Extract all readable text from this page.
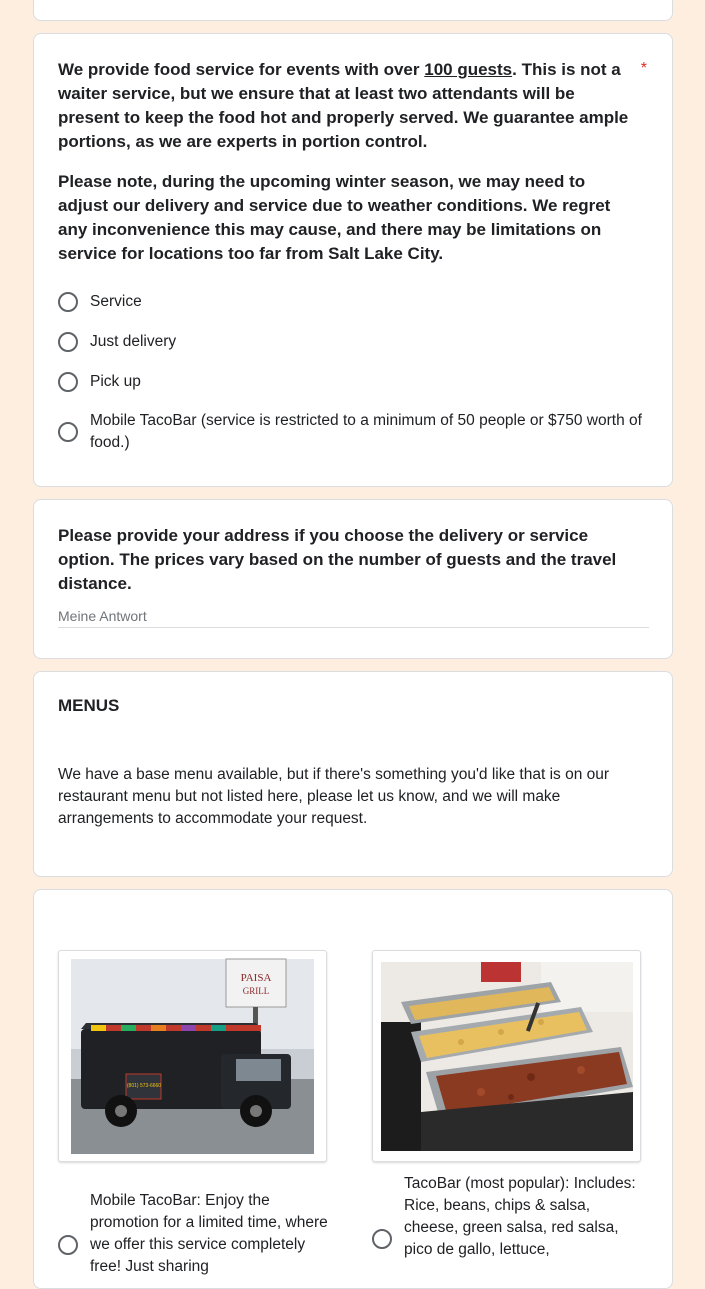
We provide food service for events with over 100 guests. This is not a waiter service, but we ensure that at least two attendants will be present to keep the food hot and properly served. We guarantee ample portions, as we are experts in portion control.
*
Please note, during the upcoming winter season, we may need to adjust our delivery and service due to weather conditions. We regret any inconvenience this may cause, and there may be limitations on service for locations too far from Salt Lake City.
Service
Just delivery
Pick up
Mobile TacoBar (service is restricted to a minimum of 50 people or $750 worth of food.)
Please provide your address if you choose the delivery or service option. The prices vary based on the number of guests and the travel distance.
Meine Antwort
MENUS
We have a base menu available, but if there's something you'd like that is on our restaurant menu but not listed here, please let us know, and we will make arrangements to accommodate your request.
PAISA
GRILL
(801) 573-6660
Mobile TacoBar: Enjoy the promotion for a limited time, where we offer this service completely free! Just sharing
TacoBar (most popular): Includes: Rice, beans, chips & salsa, cheese, green salsa, red salsa, pico de gallo, lettuce,
